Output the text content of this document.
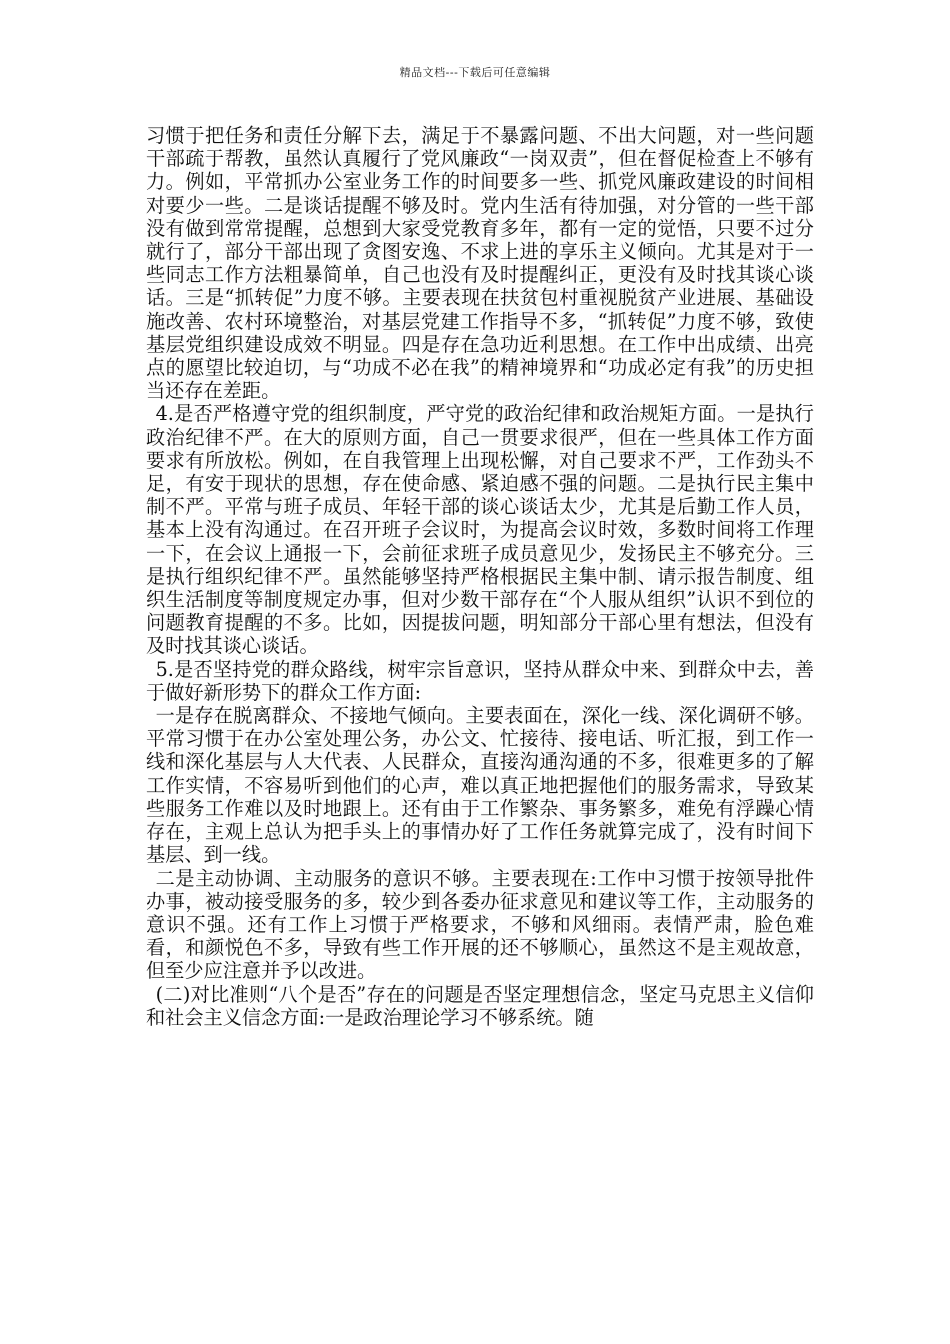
精品文档---下载后可任意编辑

习惯于把任务和责任分解下去，满足于不暴露问题、不出大问题，对一些问题干部疏于帮教，虽然认真履行了党风廉政“一岗双责”，但在督促检查上不够有力。例如，平常抓办公室业务工作的时间要多一些、抓党风廉政建设的时间相对要少一些。二是谈话提醒不够及时。党内生活有待加强，对分管的一些干部没有做到常常提醒，总想到大家受党教育多年，都有一定的觉悟，只要不过分就行了，部分干部出现了贪图安逸、不求上进的享乐主义倾向。尤其是对于一些同志工作方法粗暴简单，自己也没有及时提醒纠正，更没有及时找其谈心谈话。三是“抓转促”力度不够。主要表现在扶贫包村重视脱贫产业进展、基础设施改善、农村环境整治，对基层党建工作指导不多，“抓转促”力度不够，致使基层党组织建设成效不明显。四是存在急功近利思想。在工作中出成绩、出亮点的愿望比较迫切，与“功成不必在我”的精神境界和“功成必定有我”的历史担当还存在差距。

4.是否严格遵守党的组织制度，严守党的政治纪律和政治规矩方面。一是执行政治纪律不严。在大的原则方面，自己一贯要求很严，但在一些具体工作方面要求有所放松。例如，在自我管理上出现松懈，对自己要求不严，工作劲头不足，有安于现状的思想，存在使命感、紧迫感不强的问题。二是执行民主集中制不严。平常与班子成员、年轻干部的谈心谈话太少，尤其是后勤工作人员，基本上没有沟通过。在召开班子会议时，为提高会议时效，多数时间将工作理一下，在会议上通报一下，会前征求班子成员意见少，发扬民主不够充分。三是执行组织纪律不严。虽然能够坚持严格根据民主集中制、请示报告制度、组织生活制度等制度规定办事，但对少数干部存在“个人服从组织”认识不到位的问题教育提醒的不多。比如，因提拔问题，明知部分干部心里有想法，但没有及时找其谈心谈话。

5.是否坚持党的群众路线，树牢宗旨意识，坚持从群众中来、到群众中去，善于做好新形势下的群众工作方面:

一是存在脱离群众、不接地气倾向。主要表面在，深化一线、深化调研不够。平常习惯于在办公室处理公务，办公文、忙接待、接电话、听汇报，到工作一线和深化基层与人大代表、人民群众，直接沟通沟通的不多，很难更多的了解工作实情，不容易听到他们的心声，难以真正地把握他们的服务需求，导致某些服务工作难以及时地跟上。还有由于工作繁杂、事务繁多，难免有浮躁心情存在，主观上总认为把手头上的事情办好了工作任务就算完成了，没有时间下基层、到一线。

二是主动协调、主动服务的意识不够。主要表现在:工作中习惯于按领导批件办事，被动接受服务的多，较少到各委办征求意见和建议等工作，主动服务的意识不强。还有工作上习惯于严格要求，不够和风细雨。表情严肃，脸色难看，和颜悦色不多，导致有些工作开展的还不够顺心，虽然这不是主观故意，但至少应注意并予以改进。

(二)对比准则“八个是否”存在的问题是否坚定理想信念，坚定马克思主义信仰和社会主义信念方面:一是政治理论学习不够系统。随
